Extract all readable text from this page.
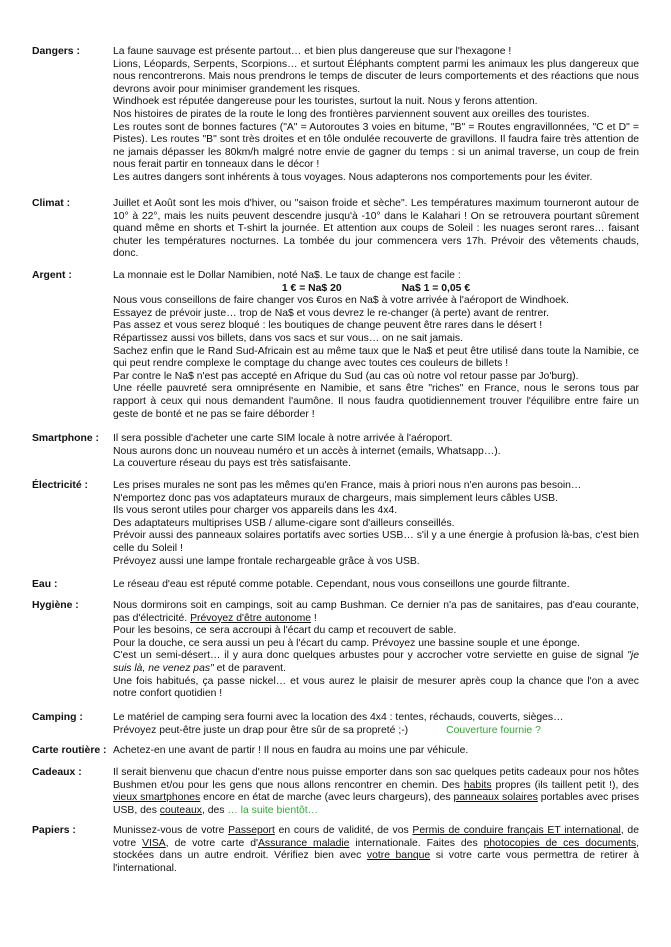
Dangers :	La faune sauvage est présente partout… et bien plus dangereuse que sur l'hexagone !

Lions, Léopards, Serpents, Scorpions… et surtout Éléphants comptent parmi les animaux les plus dangereux que nous rencontrerons. Mais nous prendrons le temps de discuter de leurs comportements et des réactions que nous devrons avoir pour minimiser grandement les risques.

Windhoek est réputée dangereuse pour les touristes, surtout la nuit. Nous y ferons attention.

Nos histoires de pirates de la route le long des frontières parviennent souvent aux oreilles des touristes.

Les routes sont de bonnes factures ("A" = Autoroutes 3 voies en bitume, "B" = Routes engravillonnées, "C et D" = Pistes). Les routes "B" sont très droites et en tôle ondulée recouverte de gravillons. Il faudra faire très attention de ne jamais dépasser les 80km/h malgré notre envie de gagner du temps : si un animal traverse, un coup de frein nous ferait partir en tonneaux dans le décor !

Les autres dangers sont inhérents à tous voyages. Nous adapterons nos comportements pour les éviter.

Climat :	Juillet et Août sont les mois d'hiver, ou "saison froide et sèche". Les températures maximum tourneront autour de 10° à 22°, mais les nuits peuvent descendre jusqu'à -10° dans le Kalahari ! On se retrouvera pourtant sûrement quand même en shorts et T-shirt la journée. Et attention aux coups de Soleil : les nuages seront rares… faisant chuter les températures nocturnes. La tombée du jour commencera vers 17h. Prévoir des vêtements chauds, donc.

Argent :	La monnaie est le Dollar Namibien, noté Na$. Le taux de change est facile :

1 € = Na$ 20	Na$ 1 = 0,05 €

Nous vous conseillons de faire changer vos €uros en Na$ à votre arrivée à l'aéroport de Windhoek.

Essayez de prévoir juste… trop de Na$ et vous devrez le re-changer (à perte) avant de rentrer.

Pas assez et vous serez bloqué : les boutiques de change peuvent être rares dans le désert !

Répartissez aussi vos billets, dans vos sacs et sur vous… on ne sait jamais.

Sachez enfin que le Rand Sud-Africain est au même taux que le Na$ et peut être utilisé dans toute la Namibie, ce qui peut rendre complexe le comptage du change avec toutes ces couleurs de billets !

Par contre le Na$ n'est pas accepté en Afrique du Sud (au cas où notre vol retour passe par Jo'burg).

Une réelle pauvreté sera omniprésente en Namibie, et sans être "riches" en France, nous le serons tous par rapport à ceux qui nous demandent l'aumône. Il nous faudra quotidiennement trouver l'équilibre entre faire un geste de bonté et ne pas se faire déborder !

Smartphone : Il sera possible d'acheter une carte SIM locale à notre arrivée à l'aéroport.

Nous aurons donc un nouveau numéro et un accès à internet (emails, Whatsapp…).

La couverture réseau du pays est très satisfaisante.

Électricité : Les prises murales ne sont pas les mêmes qu'en France, mais à priori nous n'en aurons pas besoin…

N'emportez donc pas vos adaptateurs muraux de chargeurs, mais simplement leurs câbles USB.

Ils vous seront utiles pour charger vos appareils dans les 4x4.

Des adaptateurs multiprises USB / allume-cigare sont d'ailleurs conseillés.

Prévoir aussi des panneaux solaires portatifs avec sorties USB… s'il y a une énergie à profusion là-bas, c'est bien celle du Soleil !

Prévoyez aussi une lampe frontale rechargeable grâce à vos USB.

Eau :	Le réseau d'eau est réputé comme potable. Cependant, nous vous conseillons une gourde filtrante.

Hygiène :	Nous dormirons soit en campings, soit au camp Bushman. Ce dernier n'a pas de sanitaires, pas d'eau courante, pas d'électricité. Prévoyez d'être autonome !

Pour les besoins, ce sera accroupi à l'écart du camp et recouvert de sable.

Pour la douche, ce sera aussi un peu à l'écart du camp. Prévoyez une bassine souple et une éponge.

C'est un semi-désert… il y aura donc quelques arbustes pour y accrocher votre serviette en guise de signal "je suis là, ne venez pas" et de paravent.

Une fois habitués, ça passe nickel… et vous aurez le plaisir de mesurer après coup la chance que l'on a avec notre confort quotidien !

Camping :	Le matériel de camping sera fourni avec la location des 4x4 : tentes, réchauds, couverts, sièges…

Prévoyez peut-être juste un drap pour être sûr de sa propreté ;-)	Couverture fournie ?

Carte routière : Achetez-en une avant de partir ! Il nous en faudra au moins une par véhicule.

Cadeaux :	Il serait bienvenu que chacun d'entre nous puisse emporter dans son sac quelques petits cadeaux pour nos hôtes Bushmen et/ou pour les gens que nous allons rencontrer en chemin. Des habits propres (ils taillent petit !), des vieux smartphones encore en état de marche (avec leurs chargeurs), des panneaux solaires portables avec prises USB, des couteaux, des … la suite bientôt…

Papiers :	Munissez-vous de votre Passeport en cours de validité, de vos Permis de conduire français ET international, de votre VISA, de votre carte d'Assurance maladie internationale. Faites des photocopies de ces documents, stockées dans un autre endroit. Vérifiez bien avec votre banque si votre carte vous permettra de retirer à l'international.
